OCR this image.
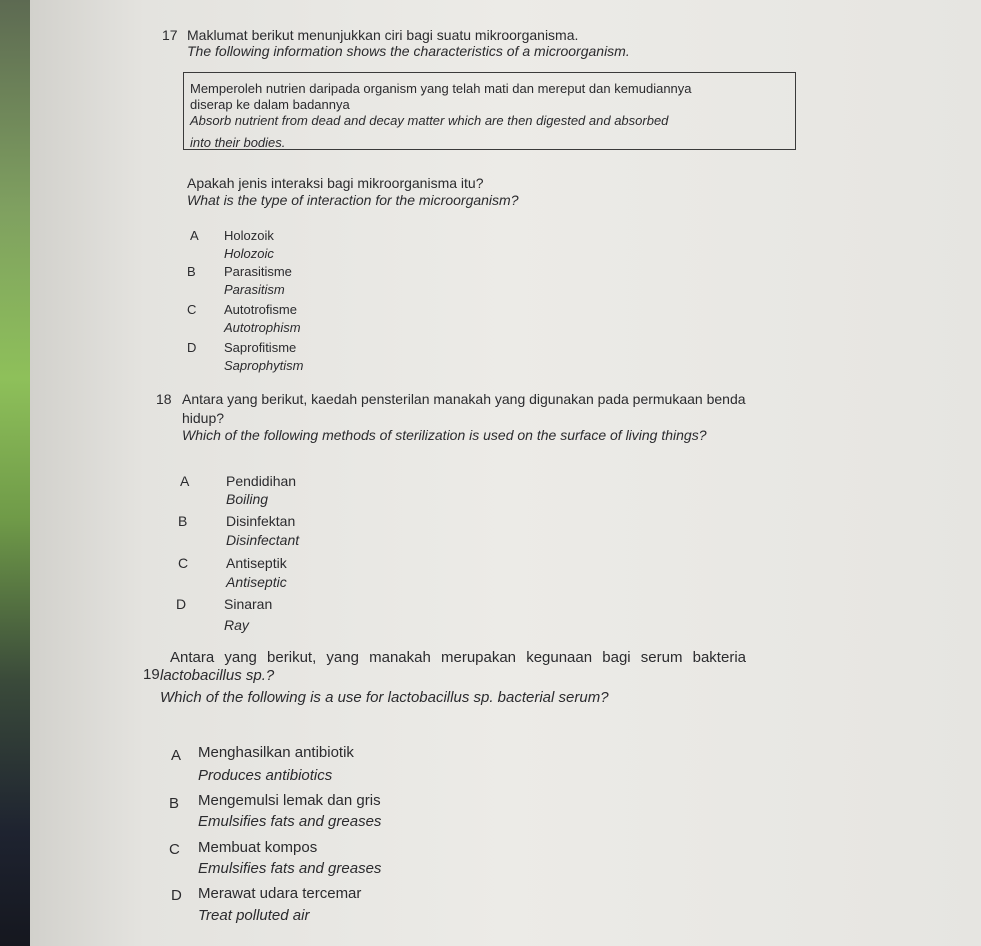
17 Maklumat berikut menunjukkan ciri bagi suatu mikroorganisma.
The following information shows the characteristics of a microorganism.
Memperoleh nutrien daripada organism yang telah mati dan mereput dan kemudiannya
diserap ke dalam badannya
Absorb nutrient from dead and decay matter which are then digested and absorbed
into their bodies.
Apakah jenis interaksi bagi mikroorganisma itu?
What is the type of interaction for the microorganism?
A Holozoik
Holozoic
B Parasitisme
Parasitism
C Autotrofisme
Autotrophism
D Saprofitisme
Saprophytism
18 Antara yang berikut, kaedah pensterilan manakah yang digunakan pada permukaan benda
hidup?
Which of the following methods of sterilization is used on the surface of living things?
A	Pendidihan
Boiling
B	Disinfektan
Disinfectant
C	Antiseptik
Antiseptic
D	Sinaran
Ray
19
Antara yang berikut, yang manakah merupakan kegunaan bagi serum bakteria
lactobacillus sp.?
Which of the following is a use for lactobacillus sp. bacterial serum?
A Menghasilkan antibiotik
Produces antibiotics
B Mengemulsi lemak dan gris
Emulsifies fats and greases
C Membuat kompos
Emulsifies fats and greases
D Merawat udara tercemar
Treat polluted air
